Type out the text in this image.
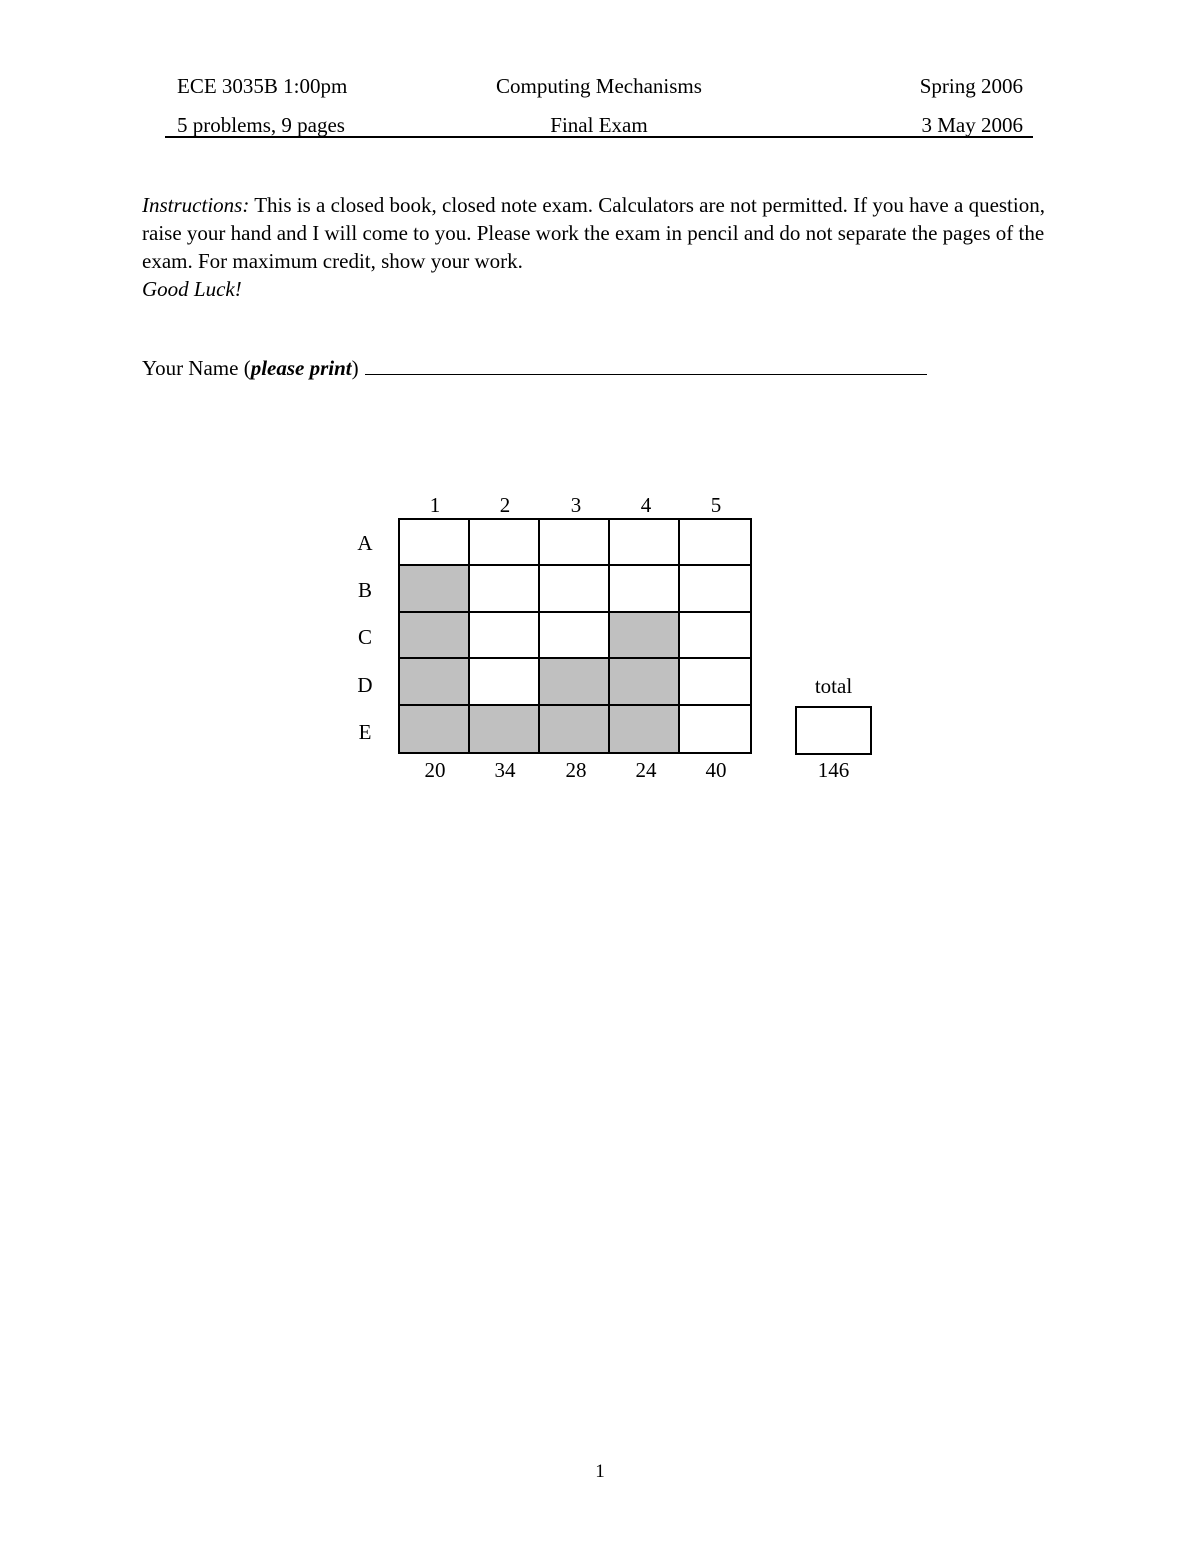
ECE 3035B 1:00pm	Computing Mechanisms	Spring 2006
5 problems, 9 pages	Final Exam	3 May 2006
Instructions: This is a closed book, closed note exam. Calculators are not permitted. If you have a question, raise your hand and I will come to you. Please work the exam in pencil and do not separate the pages of the exam. For maximum credit, show your work.
Good Luck!
Your Name (please print)
1	2	3	4	5
A
B
C
D
E
20	34	28	24	40
total
146
1
